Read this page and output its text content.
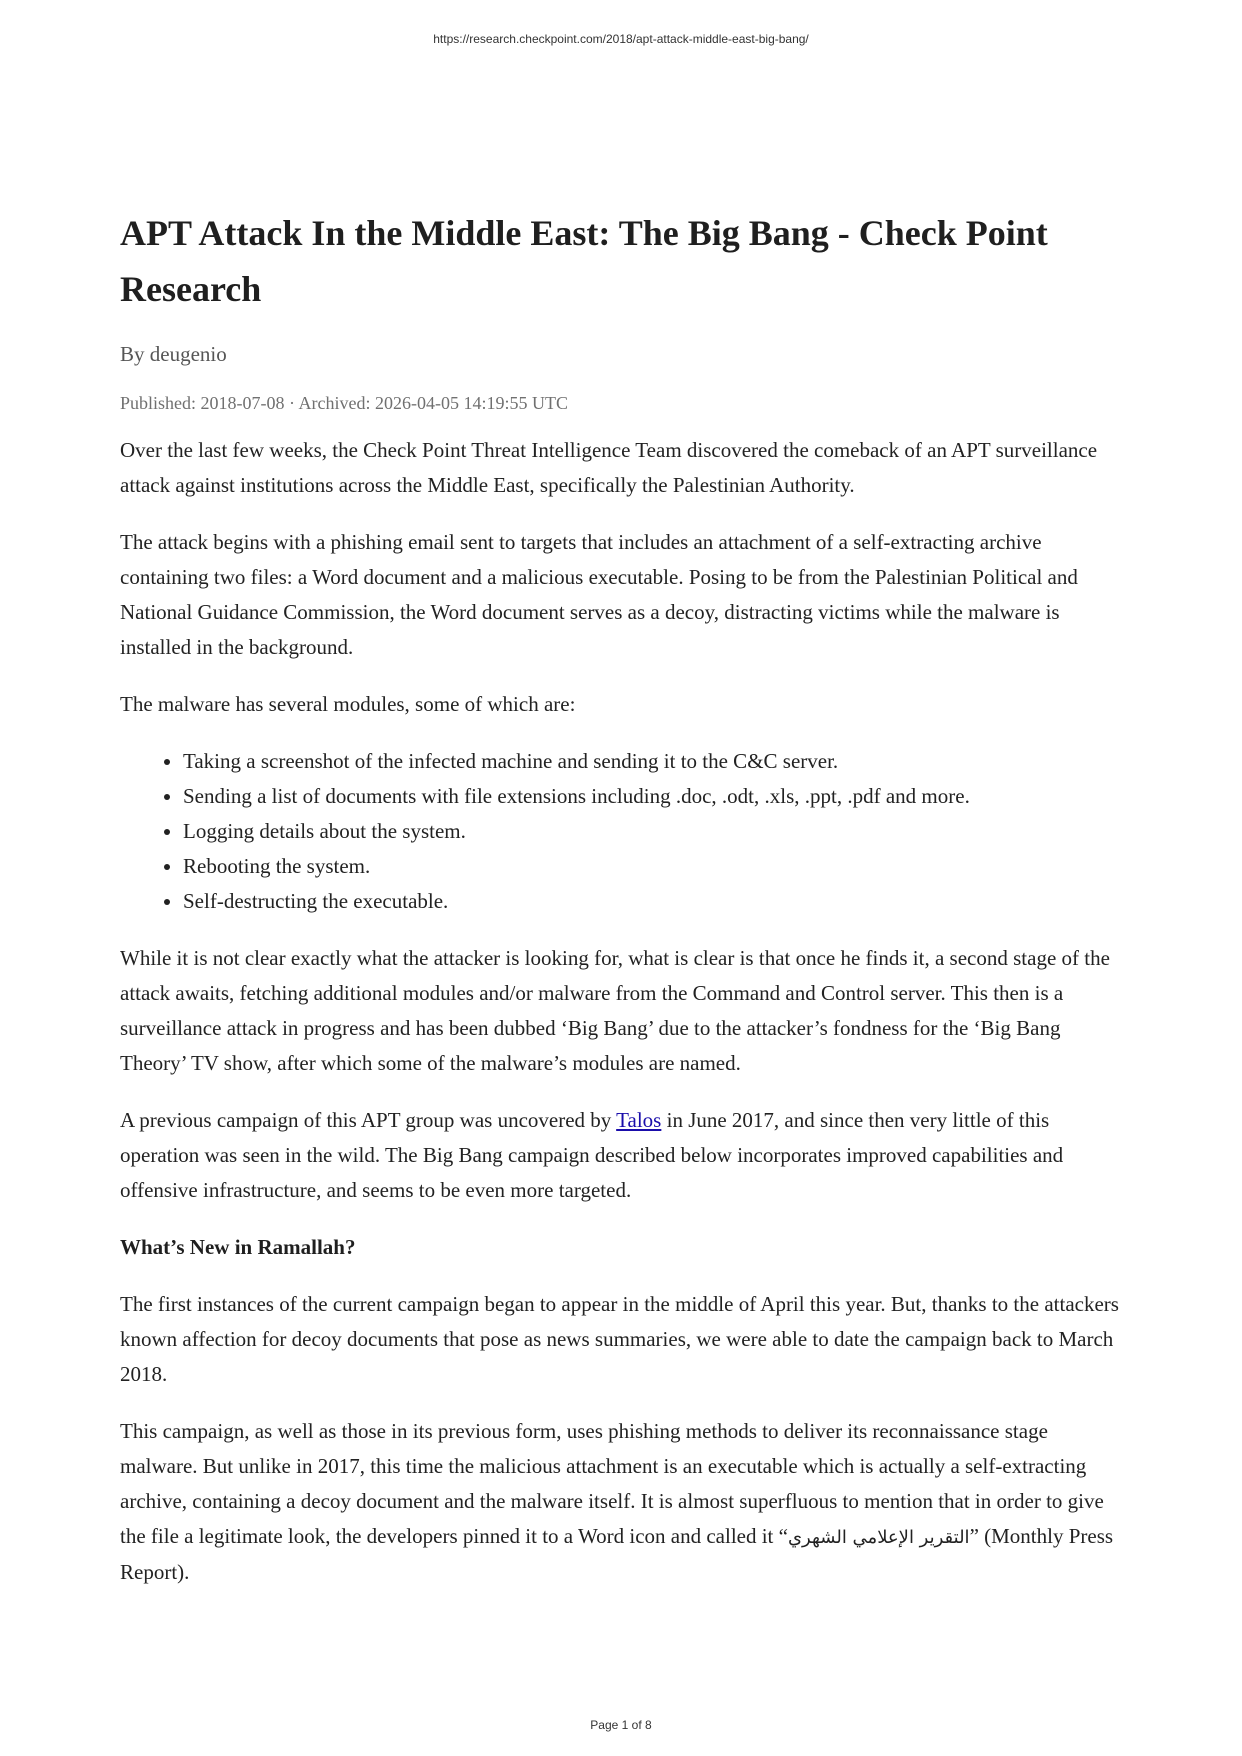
https://research.checkpoint.com/2018/apt-attack-middle-east-big-bang/
APT Attack In the Middle East: The Big Bang - Check Point Research
By deugenio
Published: 2018-07-08 · Archived: 2026-04-05 14:19:55 UTC

Over the last few weeks, the Check Point Threat Intelligence Team discovered the comeback of an APT surveillance attack against institutions across the Middle East, specifically the Palestinian Authority.

The attack begins with a phishing email sent to targets that includes an attachment of a self-extracting archive containing two files: a Word document and a malicious executable. Posing to be from the Palestinian Political and National Guidance Commission, the Word document serves as a decoy, distracting victims while the malware is installed in the background.

The malware has several modules, some of which are:

• Taking a screenshot of the infected machine and sending it to the C&C server.
• Sending a list of documents with file extensions including .doc, .odt, .xls, .ppt, .pdf and more.
• Logging details about the system.
• Rebooting the system.
• Self-destructing the executable.

While it is not clear exactly what the attacker is looking for, what is clear is that once he finds it, a second stage of the attack awaits, fetching additional modules and/or malware from the Command and Control server. This then is a surveillance attack in progress and has been dubbed ‘Big Bang’ due to the attacker’s fondness for the ‘Big Bang Theory’ TV show, after which some of the malware’s modules are named.

A previous campaign of this APT group was uncovered by Talos in June 2017, and since then very little of this operation was seen in the wild. The Big Bang campaign described below incorporates improved capabilities and offensive infrastructure, and seems to be even more targeted.

What’s New in Ramallah?

The first instances of the current campaign began to appear in the middle of April this year. But, thanks to the attackers known affection for decoy documents that pose as news summaries, we were able to date the campaign back to March 2018.

This campaign, as well as those in its previous form, uses phishing methods to deliver its reconnaissance stage malware. But unlike in 2017, this time the malicious attachment is an executable which is actually a self-extracting archive, containing a decoy document and the malware itself. It is almost superfluous to mention that in order to give the file a legitimate look, the developers pinned it to a Word icon and called it “التقرير الإعلامي الشهري” (Monthly Press Report).

Page 1 of 8
